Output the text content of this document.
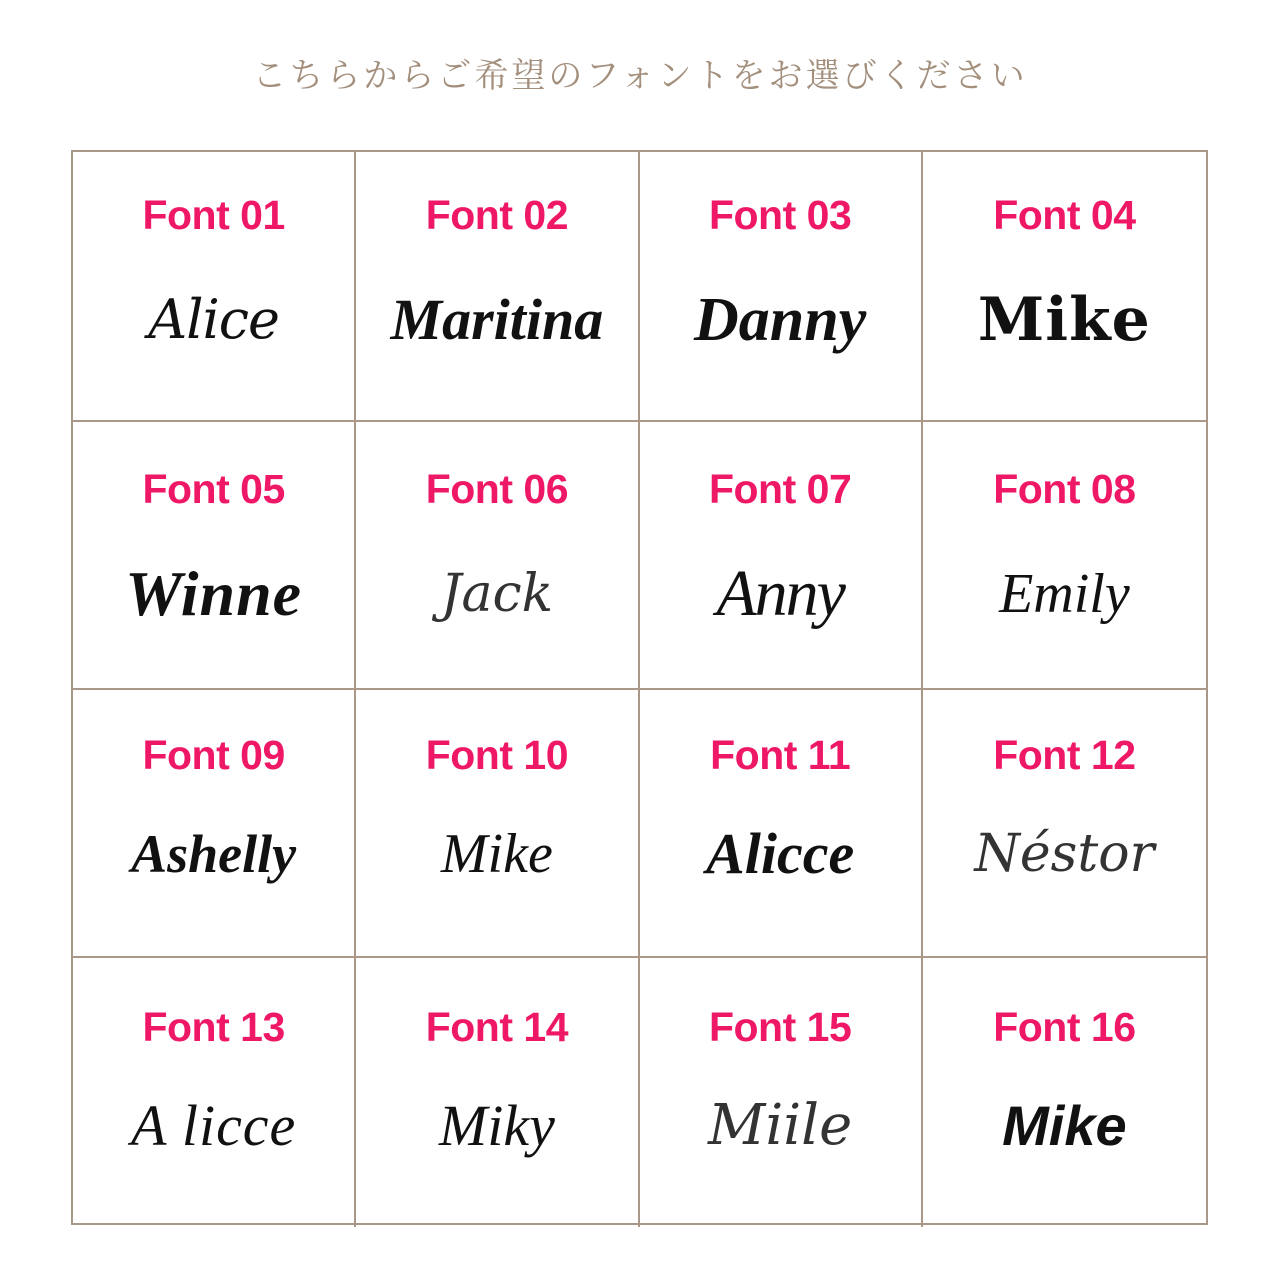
こちらからご希望のフォントをお選びください
Font 01
Alice
Font 02
Maritina
Font 03
Danny
Font 04
Mike
Font 05
Winne
Font 06
Jack
Font 07
Anny
Font 08
Emily
Font 09
Ashelly
Font 10
Mike
Font 11
Alicce
Font 12
Néstor
Font 13
A licce
Font 14
Miky
Font 15
Miile
Font 16
Mike
